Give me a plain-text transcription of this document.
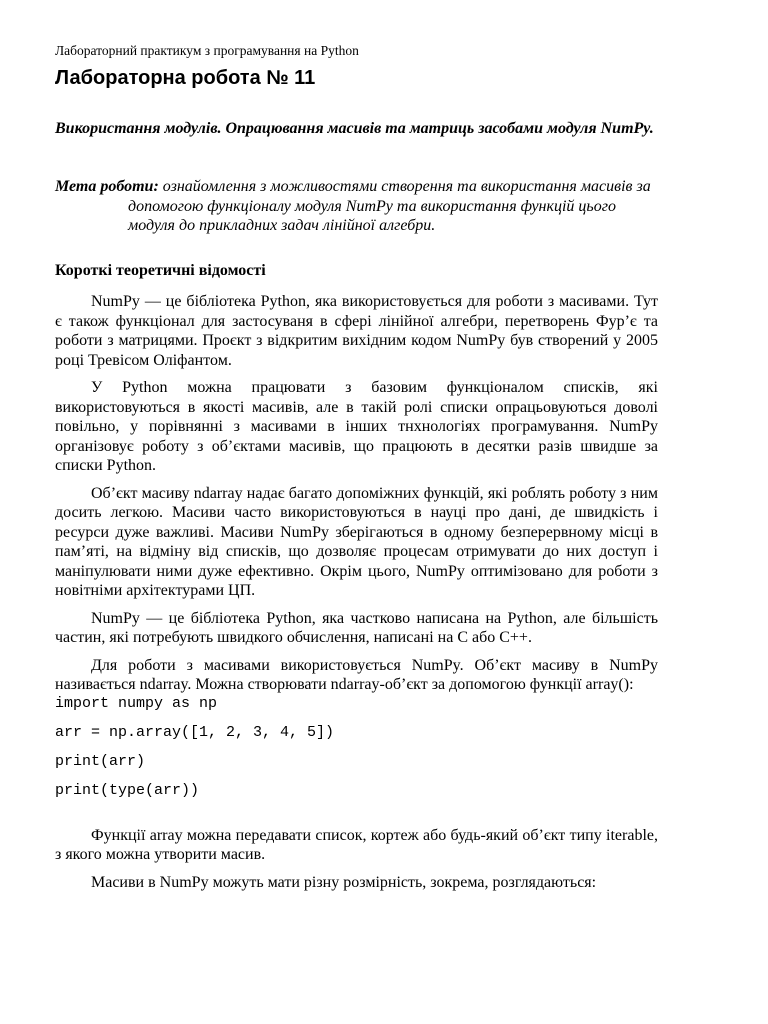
Лабораторний практикум з програмування на Python
Лабораторна робота № 11
Використання модулів. Опрацювання масивів та матриць засобами модуля NumPy.
Мета роботи: ознайомлення з можливостями створення та використання масивів за допомогою функціоналу модуля NumPy та використання функцій цього модуля до прикладних задач лінійної алгебри.
Короткі теоретичні відомості

NumPy — це бібліотека Python, яка використовується для роботи з масивами. Тут є також функціонал для застосуваня в сфері лінійної алгебри, перетворень Фур’є та роботи з матрицями. Проєкт з відкритим вихідним кодом NumPy був створений у 2005 році Тревісом Оліфантом.

У Python можна працювати з базовим функціоналом списків, які використовуються в якості масивів, але в такій ролі списки опрацьовуються доволі повільно, у порівнянні з масивами в інших тнхнологіях програмування. NumPy організовує роботу з об’єктами масивів, що працюють в десятки разів швидше за списки Python.

Об’єкт масиву ndarray надає багато допоміжних функцій, які роблять роботу з ним досить легкою. Масиви часто використовуються в науці про дані, де швидкість і ресурси дуже важливі. Масиви NumPy зберігаються в одному безперервному місці в пам’яті, на відміну від списків, що дозволяє процесам отримувати до них доступ і маніпулювати ними дуже ефективно. Окрім цього, NumPy оптимізовано для роботи з новітніми архітектурами ЦП.

NumPy — це бібліотека Python, яка частково написана на Python, але більшість частин, які потребують швидкого обчислення, написані на C або C++.

Для роботи з масивами використовується NumPy. Об’єкт масиву в NumPy називається ndarray. Можна створювати ndarray-об’єкт за допомогою функції array():

import numpy as np
arr = np.array([1, 2, 3, 4, 5])
print(arr)
print(type(arr))

Функції array можна передавати список, кортеж або будь-який об’єкт типу iterable, з якого можна утворити масив.

Масиви в NumPy можуть мати різну розмірність, зокрема, розглядаються:
